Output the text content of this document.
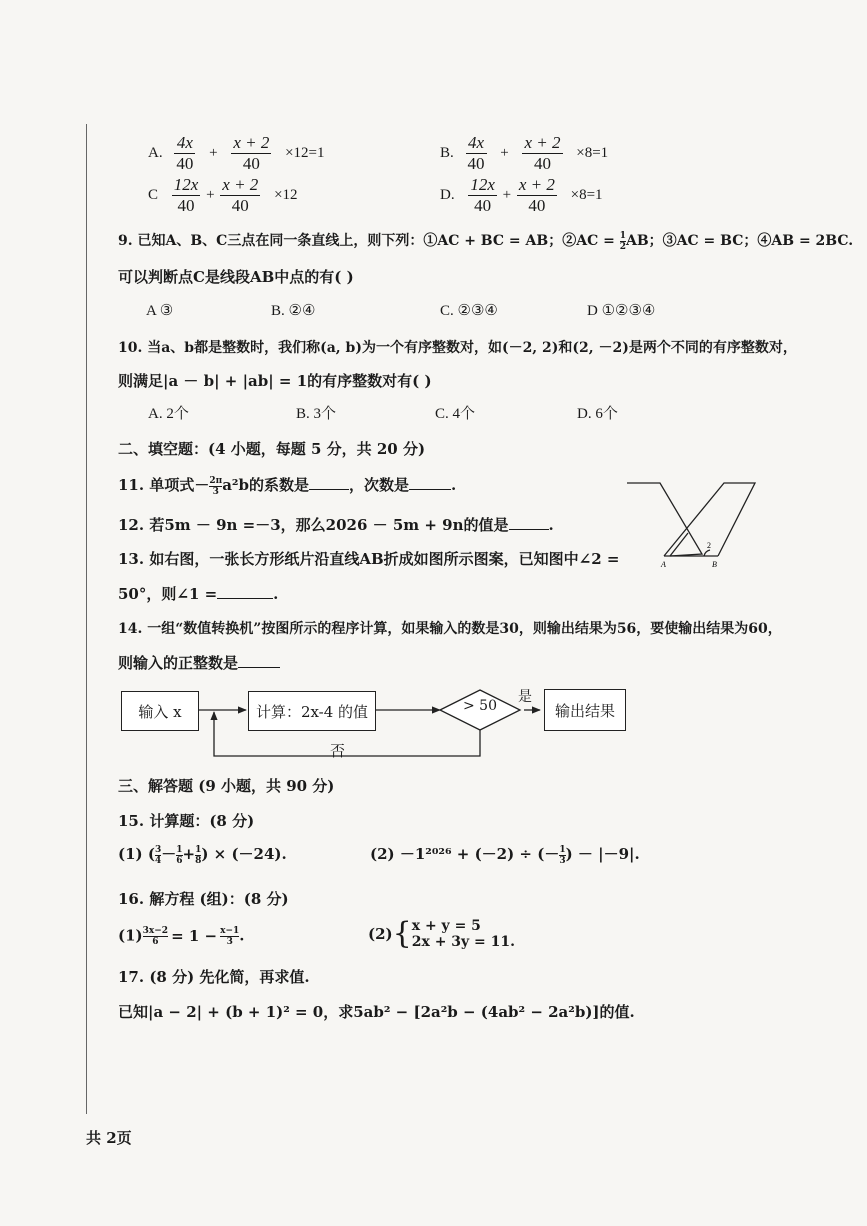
A. $\frac{4x}{40} + \frac{x + 2}{40} \times 12=1$	B. $\frac{4x}{40} + \frac{x + 2}{40} \times 8=1$
C $\frac{12x}{40} + \frac{x + 2}{40} \times 12$	D. $\frac{12x}{40} + \frac{x + 2}{40} \times 8=1$
9. 已知A、B、C三点在同一条直线上，则下列：①AC + BC = AB；②AC = $\frac{1}{2}$ AB；③AC = BC；④AB = 2BC.
可以判断点C是线段AB中点的有( )
A ③	B. ②④	C. ②③④	D ①②③④
10. 当a、b都是整数时，我们称(a, b)为一个有序整数对，如(－2, 2)和(2, －2)是两个不同的有序整数对，
则满足|a － b| + |ab| = 1的有序整数对有( )
A. 2个	B. 3个	C. 4个	D. 6个
二、填空题：(4 小题，每题 5 分，共 20 分)
11. 单项式－ $\frac{2\pi}{3} a^2b$的系数是	，次数是	.
12. 若5m － 9n =－3，那么2026 － 5m + 9n的值是	.
13. 如右图，一张长方形纸片沿直线AB折成如图所示图案，已知图中∠2 =
50°，则∠1 =	.
A	B
2
14. 一组“数值转换机”按图所示的程序计算，如果输入的数是30，则输出结果为56，要使输出结果为60，
则输入的正整数是
输入 x	计算：2x-4 的值	> 50	输出结果
是
否
三、解答题 (9 小题，共 90 分)
15. 计算题：(8 分)
(1) ( $\frac{3}{4} - \frac{1}{6} + \frac{1}{8}$ ) × (－24).	(2) －1²⁰²⁶ + (－2) ÷ (－ $\frac{1}{3}$ ) － |－9|.
16. 解方程 (组)：(8 分)
$(1) \frac{3x-2}{6} = 1 - \frac{x-1}{3}$ .	(2){ x + y = 5
2x + 3y = 11.
17. (8 分) 先化简，再求值.
已知|a − 2| + (b + 1)² = 0，求5ab² − [2a²b − (4ab² − 2a²b)]的值.
共 2页
